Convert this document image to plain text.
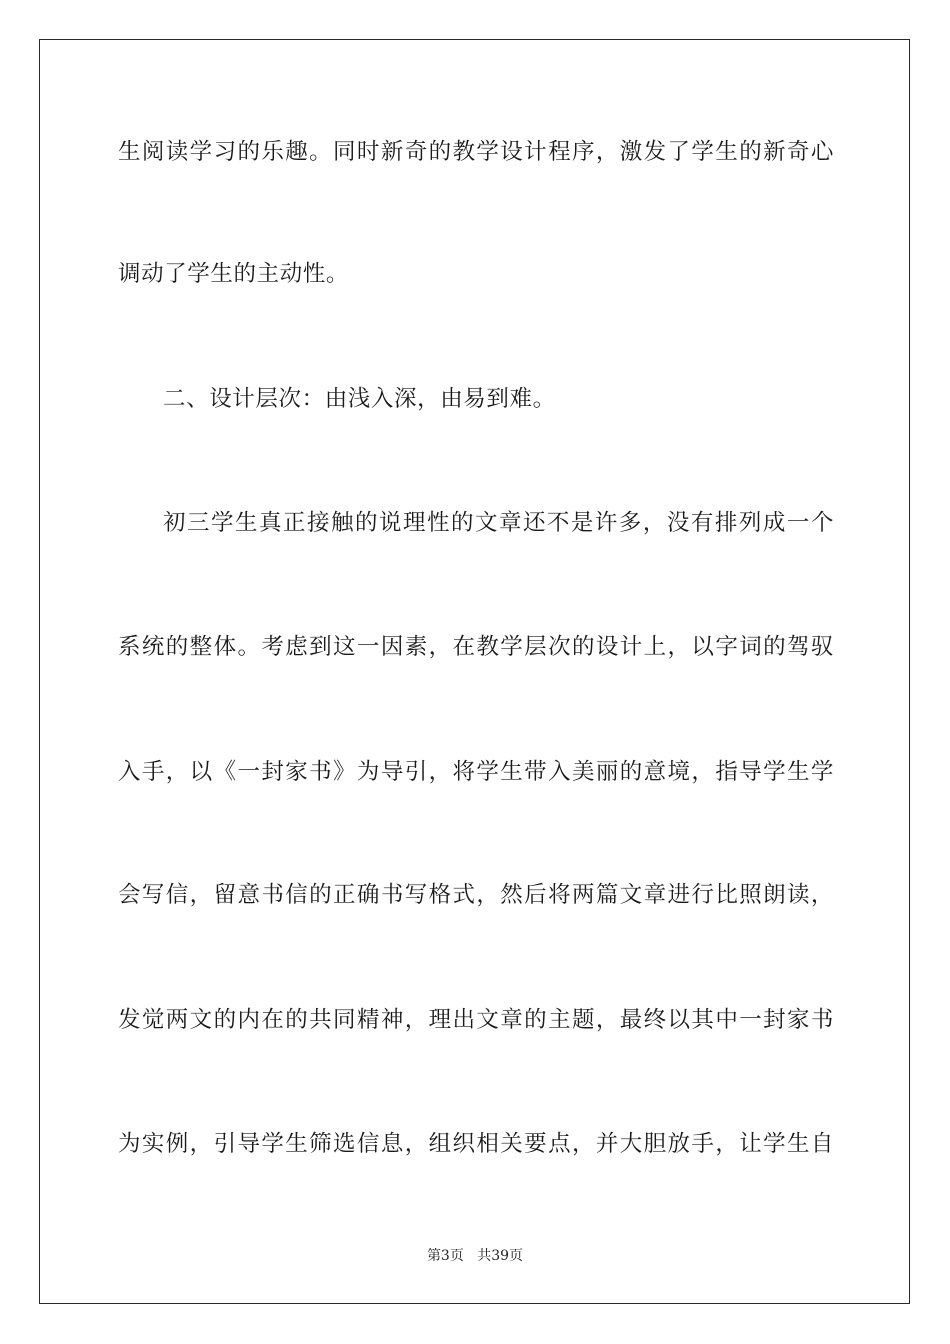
生阅读学习的乐趣。同时新奇的教学设计程序，激发了学生的新奇心
调动了学生的主动性。
二、设计层次：由浅入深，由易到难。
初三学生真正接触的说理性的文章还不是许多，没有排列成一个
系统的整体。考虑到这一因素，在教学层次的设计上，以字词的驾驭
入手，以《一封家书》为导引，将学生带入美丽的意境，指导学生学
会写信，留意书信的正确书写格式，然后将两篇文章进行比照朗读，
发觉两文的内在的共同精神，理出文章的主题，最终以其中一封家书
为实例，引导学生筛选信息，组织相关要点，并大胆放手，让学生自
第3页 共39页
